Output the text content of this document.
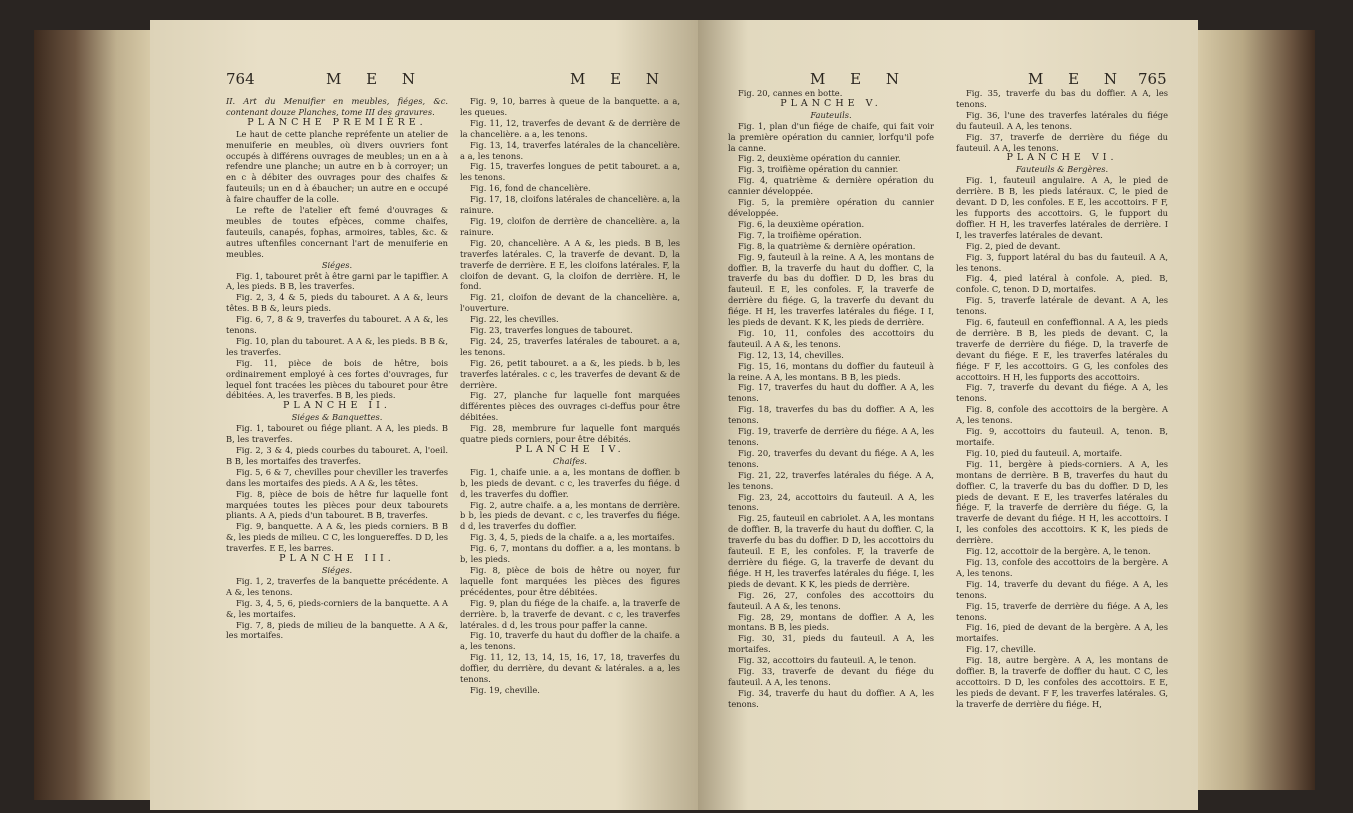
764	M E N	M E N

II. Art du Menuifier en meubles, fiéges, &c. contenant douze Planches, tome III des gravures.

PLANCHE PREMIÈRE.

Le haut de cette planche repréfente un atelier de menuiferie en meubles, où divers ouvriers font occupés à différens ouvrages de meubles; un en a à refendre une planche; un autre en b à corroyer; un en c à débiter des ouvrages pour des chaifes & fauteuils; un en d à ébaucher; un autre en e occupé à faire chauffer de la colle.

Le refte de l'atelier eft femé d'ouvrages & meubles de toutes efpèces, comme chaifes, fauteuils, canapés, fophas, armoires, tables, &c. & autres uftenfiles concernant l'art de menuiferie en meubles.

Siéges.

Fig. 1, tabouret prêt à être garni par le tapiffier. A A, les pieds. B B, les traverfes.

Fig. 2, 3, 4 & 5, pieds du tabouret. A A &, leurs têtes. B B &, leurs pieds.

Fig. 6, 7, 8 & 9, traverfes du tabouret. A A &, les tenons.

Fig. 10, plan du tabouret. A A &, les pieds. B B &, les traverfes.

Fig. 11, pièce de bois de hêtre, bois ordinairement employé à ces fortes d'ouvrages, fur lequel font tracées les pièces du tabouret pour être débitées. A, les traverfes. B B, les pieds.

PLANCHE II.

Siéges & Banquettes.

Fig. 1, tabouret ou fiége pliant. A A, les pieds. B B, les traverfes.

Fig. 2, 3 & 4, pieds courbes du tabouret. A, l'oeil. B B, les mortaifes des traverfes.

Fig. 5, 6 & 7, chevilles pour cheviller les traverfes dans les mortaifes des pieds. A A &, les têtes.

Fig. 8, pièce de bois de hêtre fur laquelle font marquées toutes les pièces pour deux tabourets pliants. A A, pieds d'un tabouret. B B, traverfes.

Fig. 9, banquette. A A &, les pieds corniers. B B &, les pieds de milieu. C C, les longuereffes. D D, les traverfes. E E, les barres.

PLANCHE III.

Siéges.

Fig. 1, 2, traverfes de la banquette précédente. A A &, les tenons.

Fig. 3, 4, 5, 6, pieds-corniers de la banquette. A A &, les mortaifes.

Fig. 7, 8, pieds de milieu de la banquette. A A &, les mortaifes.

Fig. 9, 10, barres à queue de la banquette. a a, les queues.

Fig. 11, 12, traverfes de devant & de derrière de la chancelière. a a, les tenons.

Fig. 13, 14, traverfes latérales de la chancelière. a a, les tenons.

Fig. 15, traverfes longues de petit tabouret. a a, les tenons.

Fig. 16, fond de chancelière.

Fig. 17, 18, cloifons latérales de chancelière. a, la rainure.

Fig. 19, cloifon de derrière de chancelière. a, la rainure.

Fig. 20, chancelière. A A &, les pieds. B B, les traverfes latérales. C, la traverfe de devant. D, la traverfe de derrière. E E, les cloifons latérales. F, la cloifon de devant. G, la cloifon de derrière. H, le fond.

Fig. 21, cloifon de devant de la chancelière. a, l'ouverture.

Fig. 22, les chevilles.

Fig. 23, traverfes longues de tabouret.

Fig. 24, 25, traverfes latérales de tabouret. a a, les tenons.

Fig. 26, petit tabouret. a a &, les pieds. b b, les traverfes latérales. c c, les traverfes de devant & de derrière.

Fig. 27, planche fur laquelle font marquées différentes pièces des ouvrages ci-deffus pour être débitées.

Fig. 28, membrure fur laquelle font marqués quatre pieds corniers, pour être débités.

PLANCHE IV.

Chaifes.

Fig. 1, chaife unie. a a, les montans de doffier. b b, les pieds de devant. c c, les traverfes du fiége. d d, les traverfes du doffier.

Fig. 2, autre chaife. a a, les montans de derrière. b b, les pieds de devant. c c, les traverfes du fiége. d d, les traverfes du doffier.

Fig. 3, 4, 5, pieds de la chaife. a a, les mortaifes.

Fig. 6, 7, montans du doffier. a a, les montans. b b, les pieds.

Fig. 8, pièce de bois de hêtre ou noyer, fur laquelle font marquées les pièces des figures précédentes, pour être débitées.

Fig. 9, plan du fiége de la chaife. a, la traverfe de derrière. b, la traverfe de devant. c c, les traverfes latérales. d d, les trous pour paffer la canne.

Fig. 10, traverfe du haut du doffier de la chaife. a a, les tenons.

Fig. 11, 12, 13, 14, 15, 16, 17, 18, traverfes du doffier, du derrière, du devant & latérales. a a, les tenons.

Fig. 19, cheville.

M E N	M E N 765

Fig. 20, cannes en botte.

PLANCHE V.

Fauteuils.

Fig. 1, plan d'un fiége de chaife, qui fait voir la première opération du cannier, lorfqu'il pofe la canne.

Fig. 2, deuxième opération du cannier.

Fig. 3, troifième opération du cannier.

Fig. 4, quatrième & dernière opération du cannier développée.

Fig. 5, la première opération du cannier développée.

Fig. 6, la deuxième opération.

Fig. 7, la troifième opération.

Fig. 8, la quatrième & dernière opération.

Fig. 9, fauteuil à la reine. A A, les montans de doffier. B, la traverfe du haut du doffier. C, la traverfe du bas du doffier. D D, les bras du fauteuil. E E, les confoles. F, la traverfe de derrière du fiége. G, la traverfe du devant du fiége. H H, les traverfes latérales du fiége. I I, les pieds de devant. K K, les pieds de derrière.

Fig. 10, 11, confoles des accottoirs du fauteuil. A A &, les tenons.

Fig. 12, 13, 14, chevilles.

Fig. 15, 16, montans du doffier du fauteuil à la reine. A A, les montans. B B, les pieds.

Fig. 17, traverfes du haut du doffier. A A, les tenons.

Fig. 18, traverfes du bas du doffier. A A, les tenons.

Fig. 19, traverfe de derrière du fiége. A A, les tenons.

Fig. 20, traverfes du devant du fiége. A A, les tenons.

Fig. 21, 22, traverfes latérales du fiége. A A, les tenons.

Fig. 23, 24, accottoirs du fauteuil. A A, les tenons.

Fig. 25, fauteuil en cabriolet. A A, les montans de doffier. B, la traverfe du haut du doffier. C, la traverfe du bas du doffier. D D, les accottoirs du fauteuil. E E, les confoles. F, la traverfe de derrière du fiége. G, la traverfe de devant du fiége. H H, les traverfes latérales du fiége. I, les pieds de devant. K K, les pieds de derrière.

Fig. 26, 27, confoles des accottoirs du fauteuil. A A &, les tenons.

Fig. 28, 29, montans de doffier. A A, les montans. B B, les pieds.

Fig. 30, 31, pieds du fauteuil. A A, les mortaifes.

Fig. 32, accottoirs du fauteuil. A, le tenon.

Fig. 33, traverfe de devant du fiége du fauteuil. A A, les tenons.

Fig. 34, traverfe du haut du doffier. A A, les tenons.

Fig. 35, traverfe du bas du doffier. A A, les tenons.

Fig. 36, l'une des traverfes latérales du fiége du fauteuil. A A, les tenons.

Fig. 37, traverfe de derrière du fiége du fauteuil. A A, les tenons.

PLANCHE VI.

Fauteuils & Bergères.

Fig. 1, fauteuil angulaire. A A, le pied de derrière. B B, les pieds latéraux. C, le pied de devant. D D, les confoles. E E, les accottoirs. F F, les fupports des accottoirs. G, le fupport du doffier. H H, les traverfes latérales de derrière. I I, les traverfes latérales de devant.

Fig. 2, pied de devant.

Fig. 3, fupport latéral du bas du fauteuil. A A, les tenons.

Fig. 4, pied latéral à confole. A, pied. B, confole. C, tenon. D D, mortaifes.

Fig. 5, traverfe latérale de devant. A A, les tenons.

Fig. 6, fauteuil en confeffionnal. A A, les pieds de derrière. B B, les pieds de devant. C, la traverfe de derrière du fiége. D, la traverfe de devant du fiége. E E, les traverfes latérales du fiége. F F, les accottoirs. G G, les confoles des accottoirs. H H, les fupports des accottoirs.

Fig. 7, traverfe du devant du fiége. A A, les tenons.

Fig. 8, confole des accottoirs de la bergère. A A, les tenons.

Fig. 9, accottoirs du fauteuil. A, tenon. B, mortaife.

Fig. 10, pied du fauteuil. A, mortaife.

Fig. 11, bergère à pieds-corniers. A A, les montans de derrière. B B, traverfes du haut du doffier. C, la traverfe du bas du doffier. D D, les pieds de devant. E E, les traverfes latérales du fiége. F, la traverfe de derrière du fiége. G, la traverfe de devant du fiége. H H, les accottoirs. I I, les confoles des accottoirs. K K, les pieds de derrière.

Fig. 12, accottoir de la bergère. A, le tenon.

Fig. 13, confole des accottoirs de la bergère. A A, les tenons.

Fig. 14, traverfe du devant du fiége. A A, les tenons.

Fig. 15, traverfe de derrière du fiége. A A, les tenons.

Fig. 16, pied de devant de la bergère. A A, les mortaifes.

Fig. 17, cheville.

Fig. 18, autre bergère. A A, les montans de doffier. B, la traverfe de doffier du haut. C C, les accottoirs. D D, les confoles des accottoirs. E E, les pieds de devant. F F, les traverfes latérales. G, la traverfe de derrière du fiége. H,
